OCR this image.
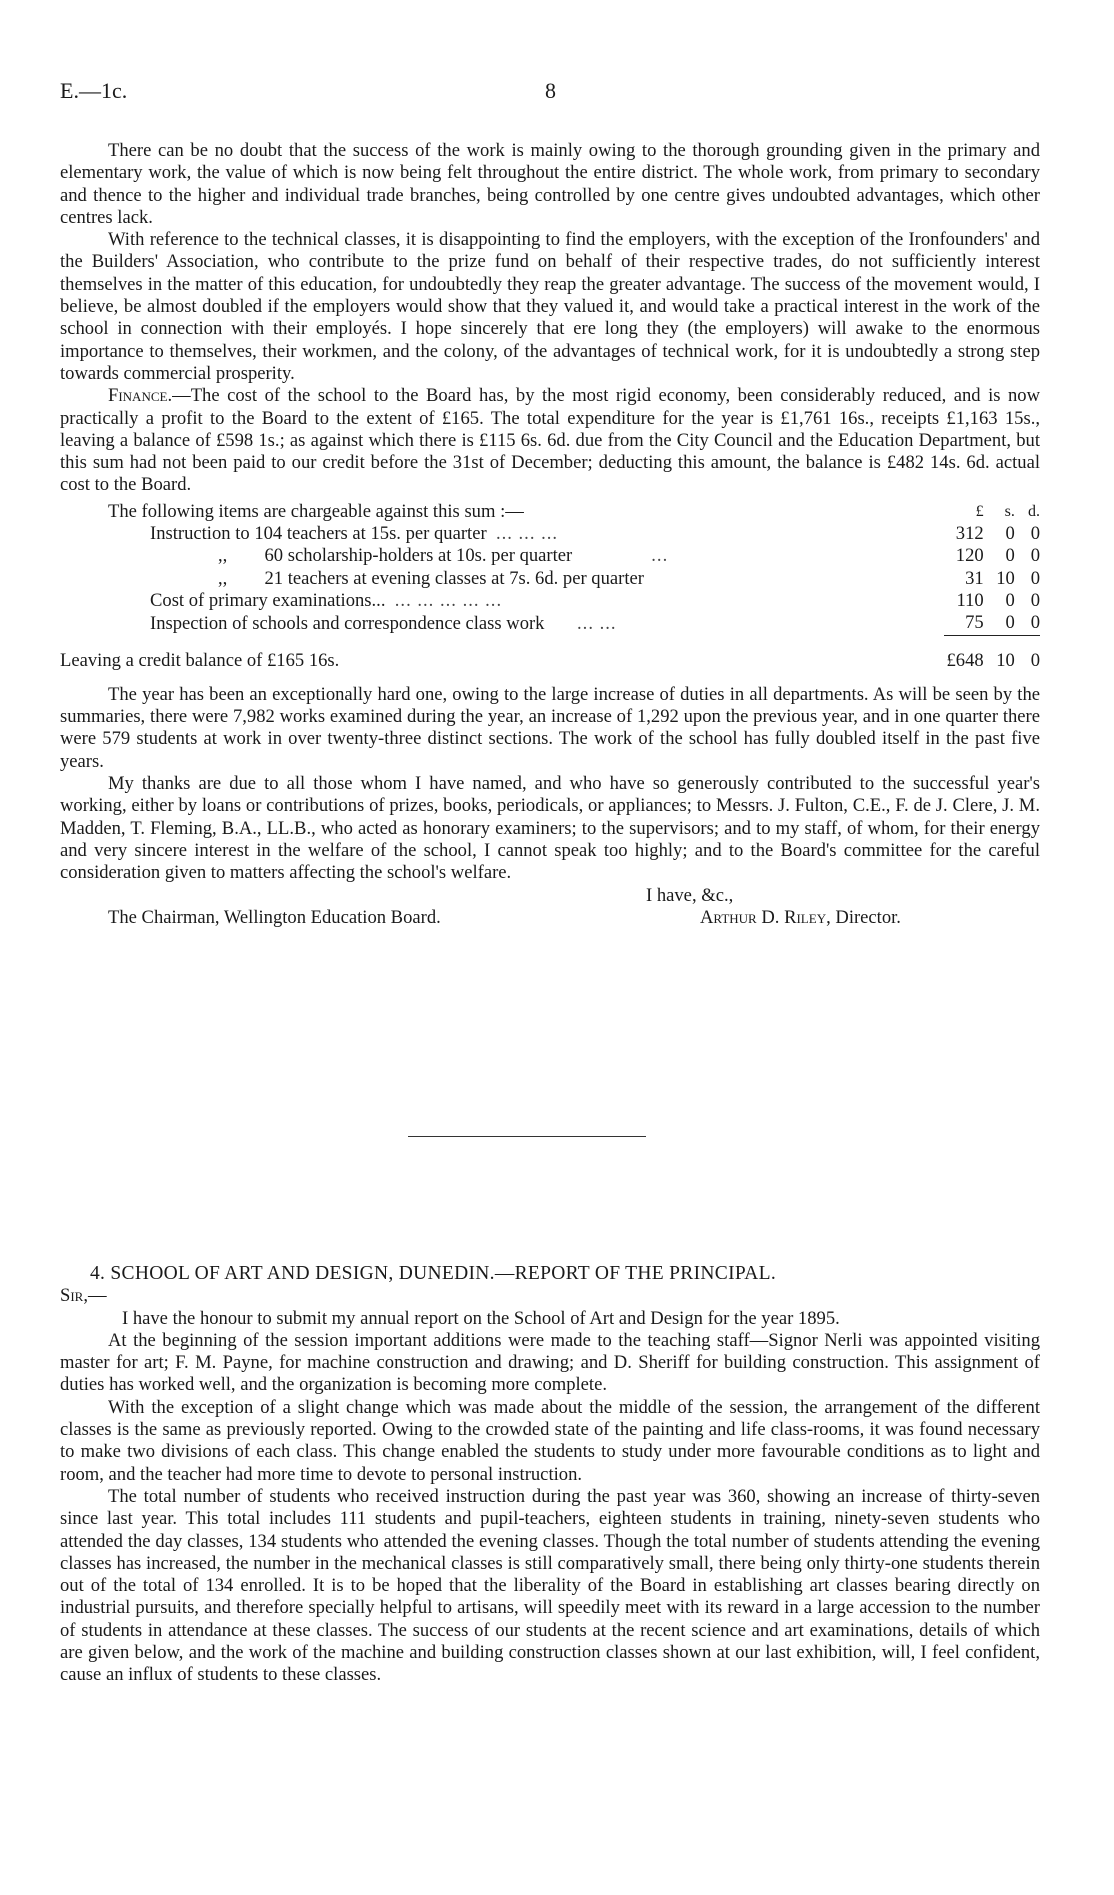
E.—1c.	8

There can be no doubt that the success of the work is mainly owing to the thorough grounding given in the primary and elementary work, the value of which is now being felt throughout the entire district. The whole work, from primary to secondary and thence to the higher and individual trade branches, being controlled by one centre gives undoubted advantages, which other centres lack.

With reference to the technical classes, it is disappointing to find the employers, with the exception of the Ironfounders' and the Builders' Association, who contribute to the prize fund on behalf of their respective trades, do not sufficiently interest themselves in the matter of this education, for undoubtedly they reap the greater advantage. The success of the movement would, I believe, be almost doubled if the employers would show that they valued it, and would take a practical interest in the work of the school in connection with their employés. I hope sincerely that ere long they (the employers) will awake to the enormous importance to themselves, their workmen, and the colony, of the advantages of technical work, for it is undoubtedly a strong step towards commercial prosperity.

Finance.—The cost of the school to the Board has, by the most rigid economy, been considerably reduced, and is now practically a profit to the Board to the extent of £165. The total expenditure for the year is £1,761 16s., receipts £1,163 15s., leaving a balance of £598 1s.; as against which there is £115 6s. 6d. due from the City Council and the Education Department, but this sum had not been paid to our credit before the 31st of December; deducting this amount, the balance is £482 14s. 6d. actual cost to the Board.

The following items are chargeable against this sum :—	£	s.	d.
Instruction to 104 teachers at 15s. per quarter ... ... ...	312	0	0
,, 60 scholarship-holders at 10s. per quarter ...	120	0	0
,, 21 teachers at evening classes at 7s. 6d. per quarter	31	10	0
Cost of primary examinations... ... ... ... ... ...	110	0	0
Inspection of schools and correspondence class work ... ...	75	0	0

Leaving a credit balance of £165 16s.	£648	10	0

The year has been an exceptionally hard one, owing to the large increase of duties in all departments. As will be seen by the summaries, there were 7,982 works examined during the year, an increase of 1,292 upon the previous year, and in one quarter there were 579 students at work in over twenty-three distinct sections. The work of the school has fully doubled itself in the past five years.

My thanks are due to all those whom I have named, and who have so generously contributed to the successful year's working, either by loans or contributions of prizes, books, periodicals, or appliances; to Messrs. J. Fulton, C.E., F. de J. Clere, J. M. Madden, T. Fleming, B.A., LL.B., who acted as honorary examiners; to the supervisors; and to my staff, of whom, for their energy and very sincere interest in the welfare of the school, I cannot speak too highly; and to the Board's committee for the careful consideration given to matters affecting the school's welfare.

I have, &c.,
The Chairman, Wellington Education Board.	Arthur D. Riley, Director.
4. SCHOOL OF ART AND DESIGN, DUNEDIN.—REPORT OF THE PRINCIPAL.
Sir,—

I have the honour to submit my annual report on the School of Art and Design for the year 1895.

At the beginning of the session important additions were made to the teaching staff—Signor Nerli was appointed visiting master for art; F. M. Payne, for machine construction and drawing; and D. Sheriff for building construction. This assignment of duties has worked well, and the organization is becoming more complete.

With the exception of a slight change which was made about the middle of the session, the arrangement of the different classes is the same as previously reported. Owing to the crowded state of the painting and life class-rooms, it was found necessary to make two divisions of each class. This change enabled the students to study under more favourable conditions as to light and room, and the teacher had more time to devote to personal instruction.

The total number of students who received instruction during the past year was 360, showing an increase of thirty-seven since last year. This total includes 111 students and pupil-teachers, eighteen students in training, ninety-seven students who attended the day classes, 134 students who attended the evening classes. Though the total number of students attending the evening classes has increased, the number in the mechanical classes is still comparatively small, there being only thirty-one students therein out of the total of 134 enrolled. It is to be hoped that the liberality of the Board in establishing art classes bearing directly on industrial pursuits, and therefore specially helpful to artisans, will speedily meet with its reward in a large accession to the number of students in attendance at these classes. The success of our students at the recent science and art examinations, details of which are given below, and the work of the machine and building construction classes shown at our last exhibition, will, I feel confident, cause an influx of students to these classes.
